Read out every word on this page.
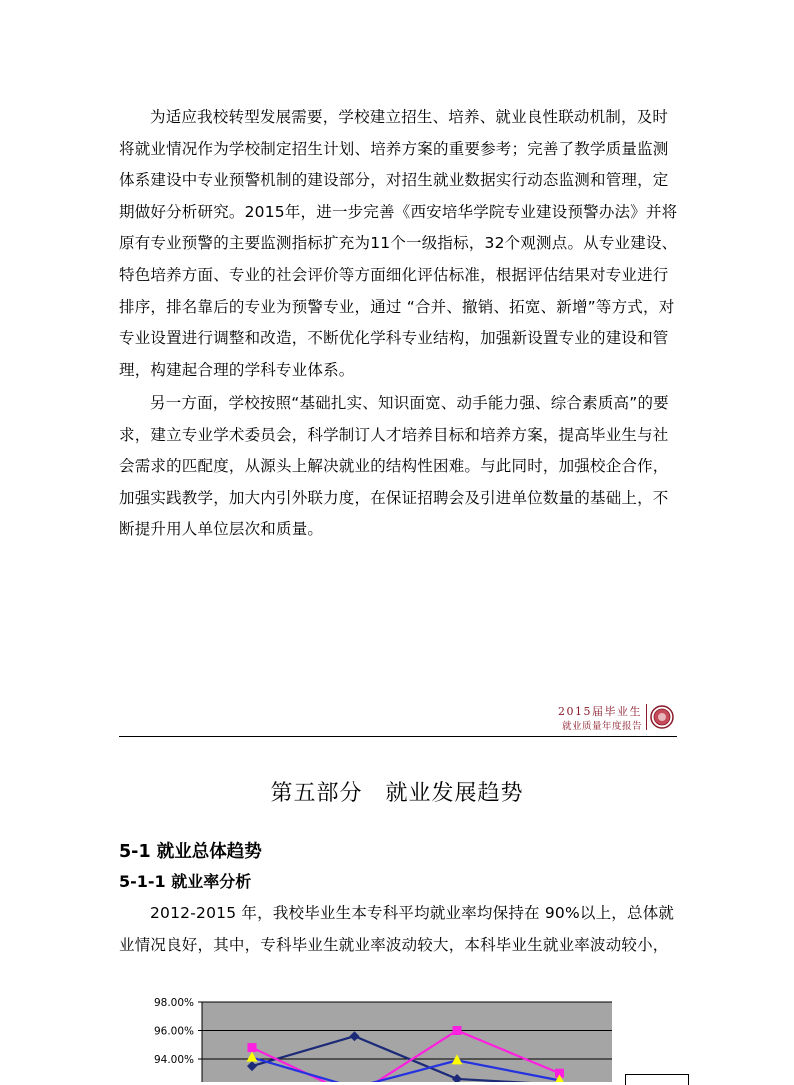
为适应我校转型发展需要，学校建立招生、培养、就业良性联动机制，及时将就业情况作为学校制定招生计划、培养方案的重要参考；完善了教学质量监测体系建设中专业预警机制的建设部分，对招生就业数据实行动态监测和管理，定期做好分析研究。2015年，进一步完善《西安培华学院专业建设预警办法》并将原有专业预警的主要监测指标扩充为11个一级指标，32个观测点。从专业建设、特色培养方面、专业的社会评价等方面细化评估标准，根据评估结果对专业进行排序，排名靠后的专业为预警专业，通过 “合并、撤销、拓宽、新增”等方式，对专业设置进行调整和改造，不断优化学科专业结构，加强新设置专业的建设和管理，构建起合理的学科专业体系。

另一方面，学校按照“基础扎实、知识面宽、动手能力强、综合素质高”的要求，建立专业学术委员会，科学制订人才培养目标和培养方案，提高毕业生与社会需求的匹配度，从源头上解决就业的结构性困难。与此同时，加强校企合作，加强实践教学，加大内引外联力度，在保证招聘会及引进单位数量的基础上，不断提升用人单位层次和质量。

2015届毕业生
就业质量年度报告
第五部分　就业发展趋势
5-1 就业总体趋势
5-1-1 就业率分析

2012-2015 年，我校毕业生本专科平均就业率均保持在 90%以上，总体就业情况良好，其中，专科毕业生就业率波动较大，本科毕业生就业率波动较小，

98.00%
96.00%
94.00%
